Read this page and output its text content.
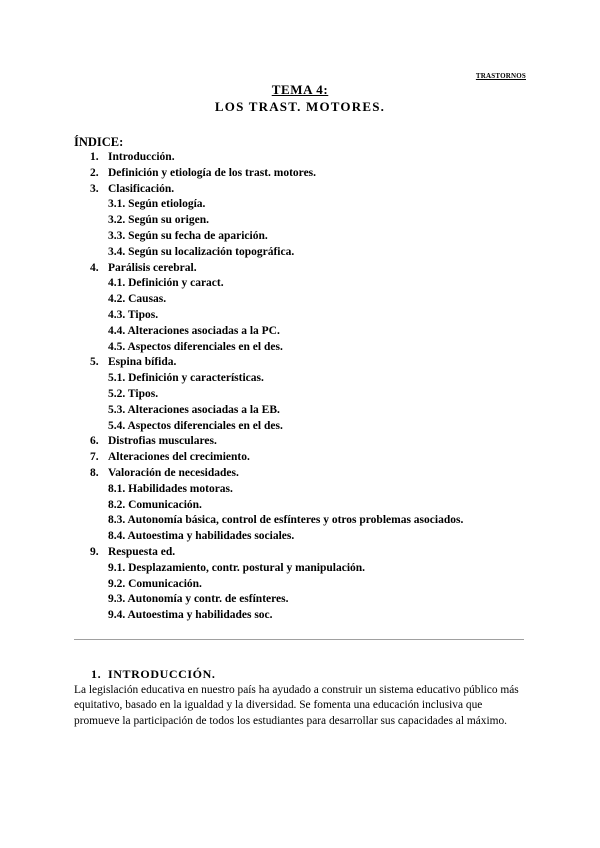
TRASTORNOS
TEMA 4:
LOS TRAST. MOTORES.
ÍNDICE:
1. Introducción.
2. Definición y etiología de los trast. motores.
3. Clasificación.
3.1. Según etiología.
3.2. Según su origen.
3.3. Según su fecha de aparición.
3.4. Según su localización topográfica.
4. Parálisis cerebral.
4.1. Definición y caract.
4.2. Causas.
4.3. Tipos.
4.4. Alteraciones asociadas a la PC.
4.5. Aspectos diferenciales en el des.
5. Espina bífida.
5.1. Definición y características.
5.2. Tipos.
5.3. Alteraciones asociadas a la EB.
5.4. Aspectos diferenciales en el des.
6. Distrofias musculares.
7. Alteraciones del crecimiento.
8. Valoración de necesidades.
8.1. Habilidades motoras.
8.2. Comunicación.
8.3. Autonomía básica, control de esfínteres y otros problemas asociados.
8.4. Autoestima y habilidades sociales.
9. Respuesta ed.
9.1. Desplazamiento, contr. postural y manipulación.
9.2. Comunicación.
9.3. Autonomía y contr. de esfínteres.
9.4. Autoestima y habilidades soc.
1. INTRODUCCIÓN.

La legislación educativa en nuestro país ha ayudado a construir un sistema educativo público más equitativo, basado en la igualdad y la diversidad. Se fomenta una educación inclusiva que promueve la participación de todos los estudiantes para desarrollar sus capacidades al máximo.
